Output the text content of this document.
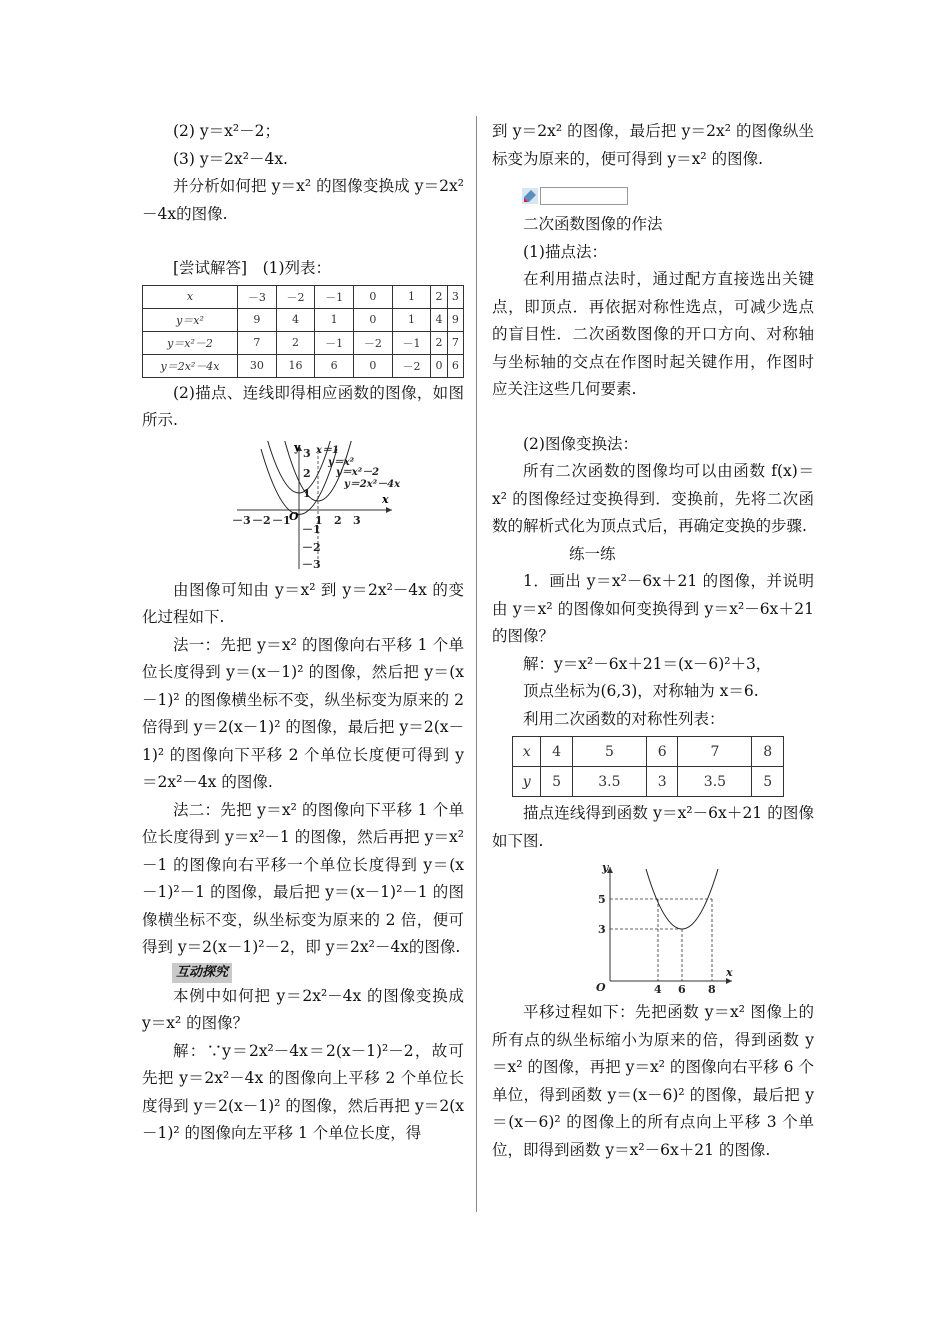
(2) y＝x²－2；

(3) y＝2x²－4x.

并分析如何把 y＝x² 的图像变换成 y＝2x²－4x的图像.

[尝试解答]　(1)列表：

x	－3	－2	－1	0	1	2	3
y＝x²	9	4	1	0	1	4	9
y＝x²－2	7	2	－1	－2	－1	2	7
y＝2x²－4x	30	16	6	0	－2	0	6

(2)描点、连线即得相应函数的图像，如图所示.

y
x
O
－3 －2 －1 1 2 3
3
2
1
－1
－2
－3
x＝1
y＝x²
y＝x²－2
y＝2x²－4x

由图像可知由 y＝x² 到 y＝2x²－4x 的变化过程如下.

法一：先把 y＝x² 的图像向右平移 1 个单位长度得到 y＝(x－1)² 的图像，然后把 y＝(x－1)² 的图像横坐标不变，纵坐标变为原来的 2 倍得到 y＝2(x－1)² 的图像，最后把 y＝2(x－1)² 的图像向下平移 2 个单位长度便可得到 y＝2x²－4x 的图像.

法二：先把 y＝x² 的图像向下平移 1 个单位长度得到 y＝x²－1 的图像，然后再把 y＝x²－1 的图像向右平移一个单位长度得到 y＝(x－1)²－1 的图像，最后把 y＝(x－1)²－1 的图像横坐标不变，纵坐标变为原来的 2 倍，便可得到 y＝2(x－1)²－2，即 y＝2x²－4x的图像.

互动探究

本例中如何把 y＝2x²－4x 的图像变换成 y＝x² 的图像？

解：∵y＝2x²－4x＝2(x－1)²－2，故可先把 y＝2x²－4x 的图像向上平移 2 个单位长度得到 y＝2(x－1)² 的图像，然后再把 y＝2(x－1)² 的图像向左平移 1 个单位长度，得

到 y＝2x² 的图像，最后把 y＝2x² 的图像纵坐标变为原来的，便可得到 y＝x² 的图像.

二次函数图像的作法

(1)描点法：

在利用描点法时，通过配方直接选出关键点，即顶点．再依据对称性选点，可减少选点的盲目性．二次函数图像的开口方向、对称轴与坐标轴的交点在作图时起关键作用，作图时应关注这些几何要素.

(2)图像变换法：

所有二次函数的图像均可以由函数 f(x)＝x² 的图像经过变换得到．变换前，先将二次函数的解析式化为顶点式后，再确定变换的步骤.

练一练

1．画出 y＝x²－6x＋21 的图像，并说明由 y＝x² 的图像如何变换得到 y＝x²－6x＋21 的图像？

解：y＝x²－6x＋21＝(x－6)²＋3，

顶点坐标为(6,3)，对称轴为 x＝6.

利用二次函数的对称性列表：

x	4	5	6	7	8
y	5	3.5	3	3.5	5

描点连线得到函数 y＝x²－6x＋21 的图像如下图.

y
x
O
5
3
4 6 8

平移过程如下：先把函数 y＝x² 图像上的所有点的纵坐标缩小为原来的倍，得到函数 y＝x² 的图像，再把 y＝x² 的图像向右平移 6 个单位，得到函数 y＝(x－6)² 的图像，最后把 y＝(x－6)² 的图像上的所有点向上平移 3 个单位，即得到函数 y＝x²－6x＋21 的图像.
